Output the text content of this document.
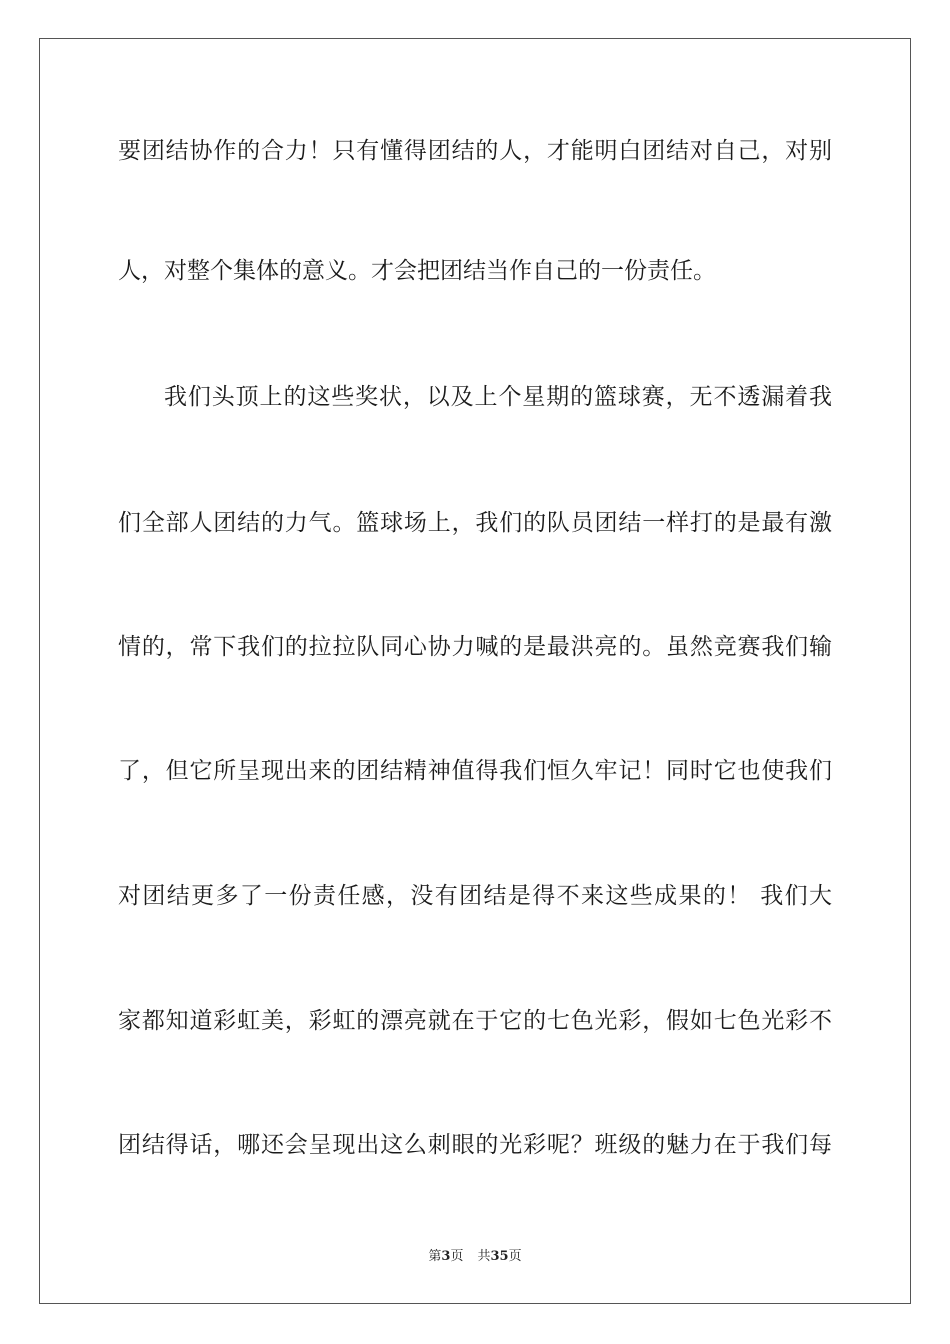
要团结协作的合力！只有懂得团结的人，才能明白团结对自己，对别
人，对整个集体的意义。才会把团结当作自己的一份责任。
我们头顶上的这些奖状，以及上个星期的篮球赛，无不透漏着我
们全部人团结的力气。篮球场上，我们的队员团结一样打的是最有激
情的，常下我们的拉拉队同心协力喊的是最洪亮的。虽然竞赛我们输
了，但它所呈现出来的团结精神值得我们恒久牢记！同时它也使我们
对团结更多了一份责任感，没有团结是得不来这些成果的！ 我们大
家都知道彩虹美，彩虹的漂亮就在于它的七色光彩，假如七色光彩不
团结得话，哪还会呈现出这么刺眼的光彩呢？班级的魅力在于我们每
第3页 共35页
